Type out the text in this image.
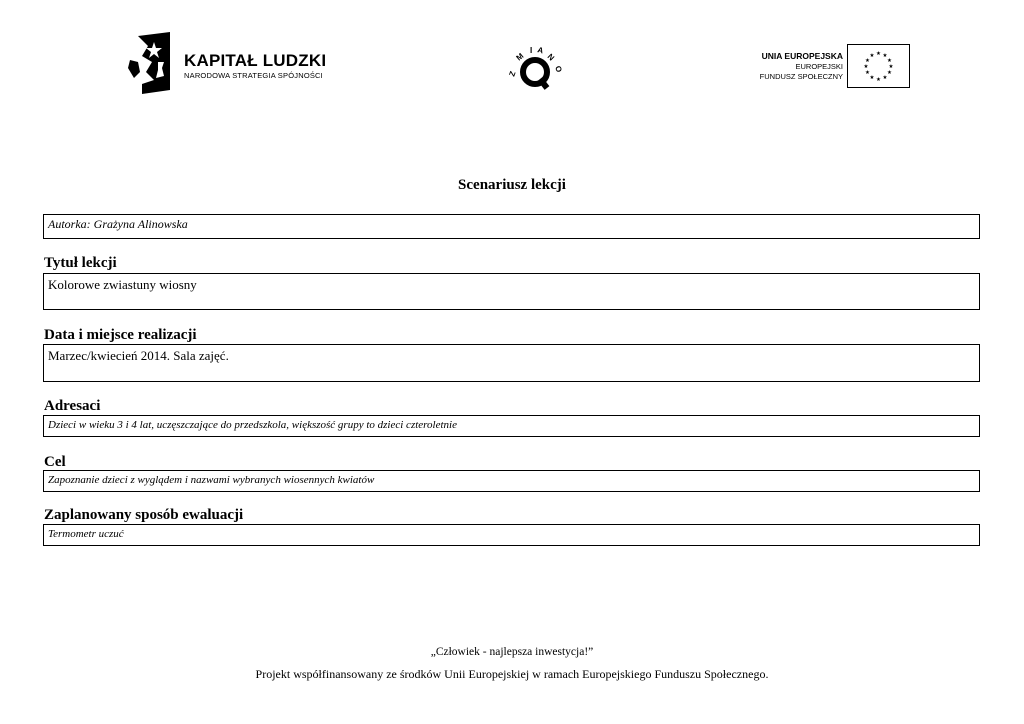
KAPITAŁ LUDZKI
NARODOWA STRATEGIA SPÓJNOŚCI	Z
M
I A
N
O
UNIA EUROPEJSKA
EUROPEJSKI
FUNDUSZ SPOŁECZNY
★ ★
★
★
★
★
★
★
★
★
★
★
Scenariusz lekcji
Autorka: Grażyna Alinowska
Tytuł lekcji
Kolorowe zwiastuny wiosny
Data i miejsce realizacji
Marzec/kwiecień 2014. Sala zajęć.
Adresaci
Dzieci w wieku 3 i 4 lat, uczęszczające do przedszkola, większość grupy to dzieci czteroletnie
Cel
Zapoznanie dzieci z wyglądem i nazwami wybranych wiosennych kwiatów
Zaplanowany sposób ewaluacji
Termometr uczuć
„Człowiek - najlepsza inwestycja!”
Projekt współfinansowany ze środków Unii Europejskiej w ramach Europejskiego Funduszu Społecznego.
